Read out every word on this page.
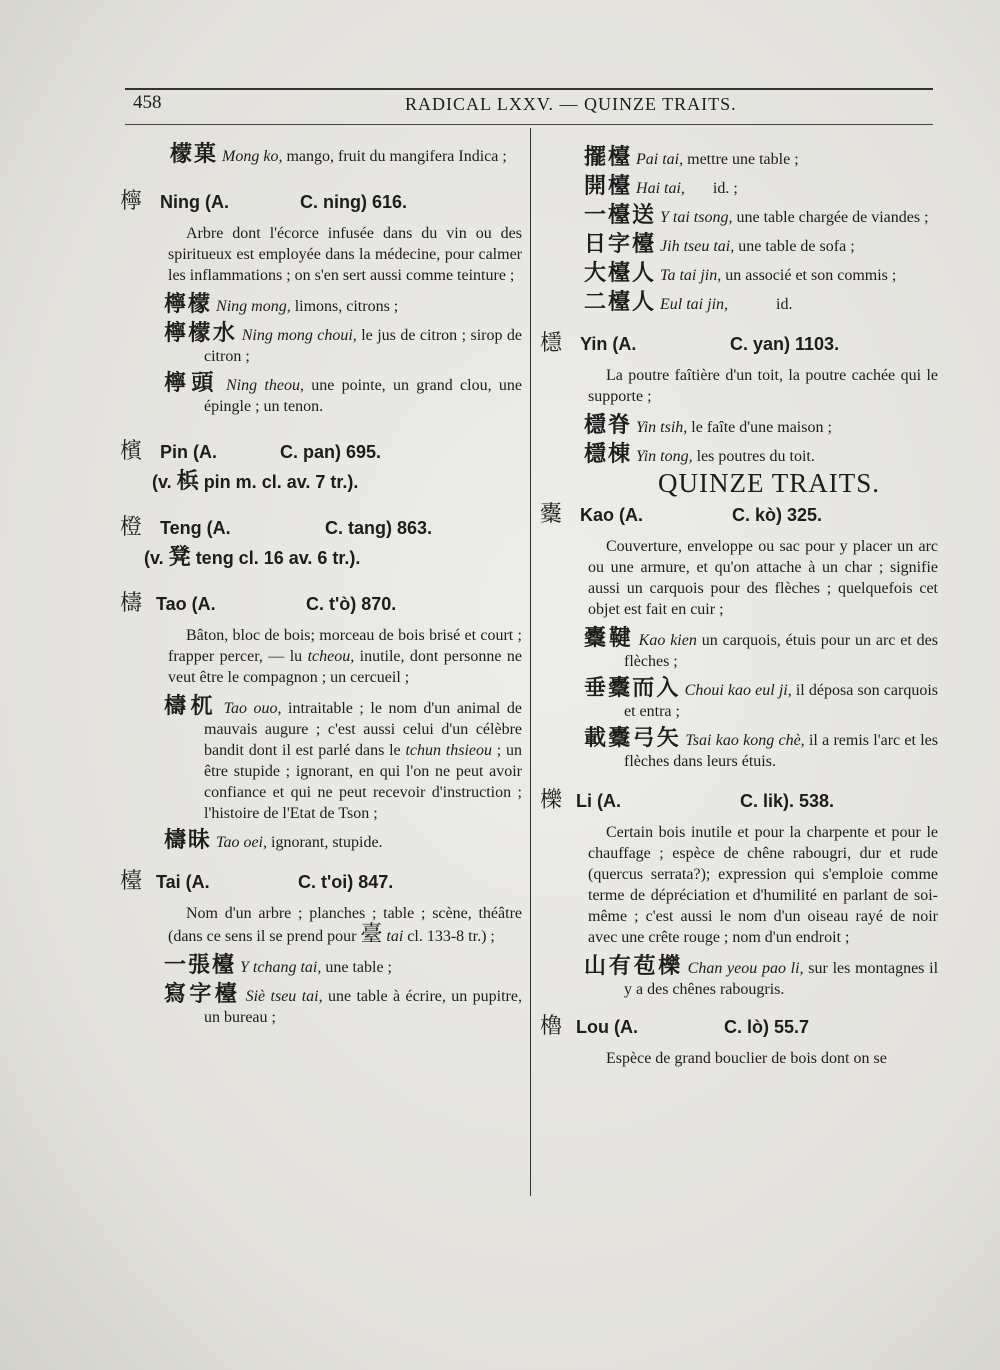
458	RADICAL LXXV. — QUINZE TRAITS.
檬菓 Mong ko, mango, fruit du mangifera Indica ;
檸 Ning (A.	C. ning) 616.

Arbre dont l'écorce infusée dans du vin ou des spiritueux est employée dans la médecine, pour calmer les inflammations ; on s'en sert aussi comme teinture ;

檸檬 Ning mong, limons, citrons ;
檸檬水 Ning mong choui, le jus de citron ; sirop de citron ;
檸頭 Ning theou, une pointe, un grand clou, une épingle ; un tenon.
檳 Pin (A.	C. pan) 695.
(v. 梹 pin m. cl. av. 7 tr.).
橙 Teng (A.	C. tang) 863.
(v. 凳 teng cl. 16 av. 6 tr.).
檮 Tao (A.	C. t'ò) 870.

Bâton, bloc de bois; morceau de bois brisé et court ; frapper percer, — lu tcheou, inutile, dont personne ne veut être le compagnon ; un cercueil ;

檮杌 Tao ouo, intraitable ; le nom d'un animal de mauvais augure ; c'est aussi celui d'un célèbre bandit dont il est parlé dans le tchun thsieou ; un être stupide ; ignorant, en qui l'on ne peut avoir confiance et qui ne peut recevoir d'instruction ; l'histoire de l'Etat de Tson ;
檮昧 Tao oei, ignorant, stupide.
檯 Tai (A.	C. t'oi) 847.

Nom d'un arbre ; planches ; table ; scène, théâtre (dans ce sens il se prend pour 臺 tai cl. 133-8 tr.) ;

一張檯 Y tchang tai, une table ;
寫字檯 Siè tseu tai, une table à écrire, un pupitre, un bureau ;
擺檯 Pai tai, mettre une table ;
開檯 Hai tai,       id. ;
一檯送 Y tai tsong, une table chargée de viandes ;
日字檯 Jih tseu tai, une table de sofa ;
大檯人 Ta tai jin, un associé et son commis ;
二檯人 Eul tai jin,            id.
檼 Yin (A.	C. yan) 1103.

La poutre faîtière d'un toit, la poutre cachée qui le supporte ;

檼脊 Yin tsih, le faîte d'une maison ;
檼棟 Yin tong, les poutres du toit.
QUINZE TRAITS.
櫜 Kao (A.	C. kò) 325.

Couverture, enveloppe ou sac pour y placer un arc ou une armure, et qu'on attache à un char ; signifie aussi un carquois pour des flèches ; quelquefois cet objet est fait en cuir ;

櫜鞬 Kao kien un carquois, étuis pour un arc et des flèches ;
垂櫜而入 Choui kao eul ji, il déposa son carquois et entra ;
載櫜弓矢 Tsai kao kong chè, il a remis l'arc et les flèches dans leurs étuis.
櫟 Li (A.	C. lik). 538.

Certain bois inutile et pour la charpente et pour le chauffage ; espèce de chêne rabougri, dur et rude (quercus serrata?); expression qui s'emploie comme terme de dépréciation et d'humilité en parlant de soi-même ; c'est aussi le nom d'un oiseau rayé de noir avec une crête rouge ; nom d'un endroit ;

山有苞櫟 Chan yeou pao li, sur les montagnes il y a des chênes rabougris.
櫓 Lou (A.	C. lò) 55.7

Espèce de grand bouclier de bois dont on se
